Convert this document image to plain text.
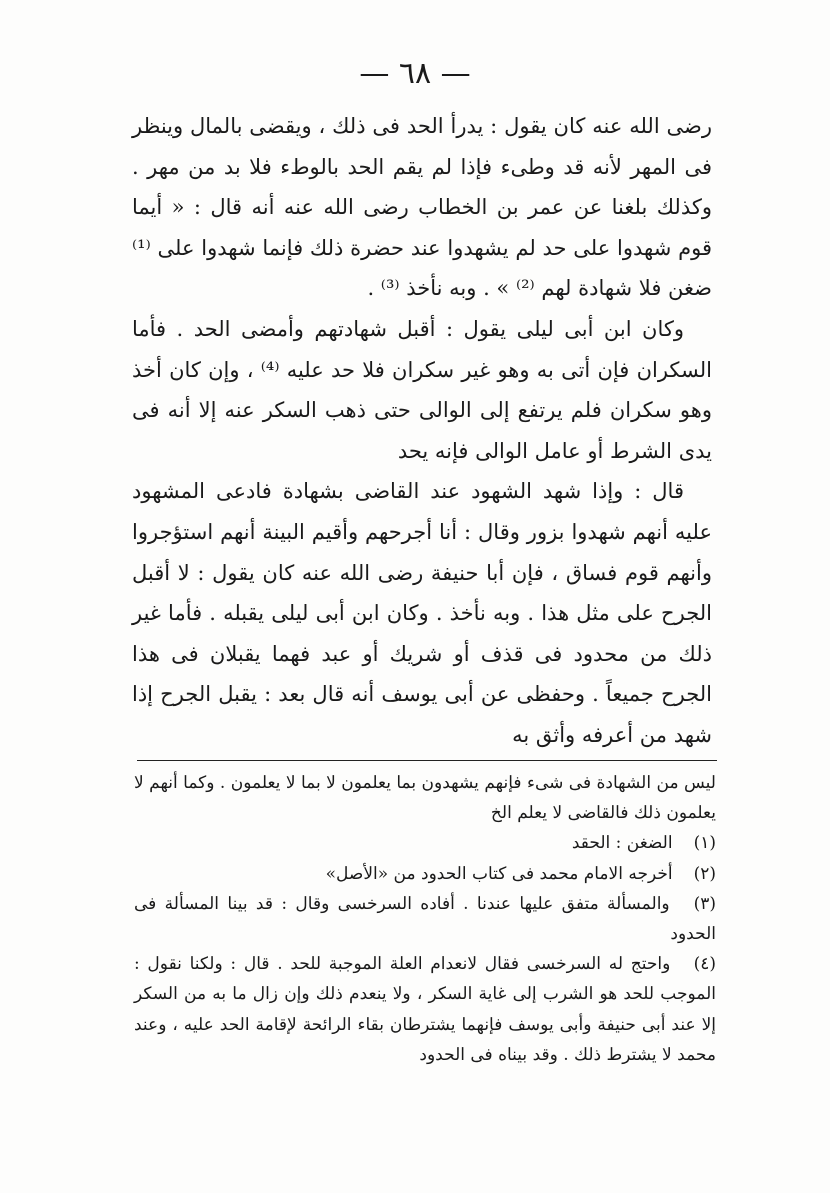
— ٦٨ —

رضى الله عنه كان يقول : يدرأ الحد فى ذلك ، ويقضى بالمال وينظر فى المهر لأنه قد وطىء فإذا لم يقم الحد بالوطء فلا بد من مهر . وكذلك بلغنا عن عمر بن الخطاب رضى الله عنه أنه قال : « أيما قوم شهدوا على حد لم يشهدوا عند حضرة ذلك فإنما شهدوا على ⁽¹⁾ ضغن فلا شهادة لهم ⁽²⁾ » . وبه نأخذ ⁽³⁾ .

وكان ابن أبى ليلى يقول : أقبل شهادتهم وأمضى الحد . فأما السكران فإن أتى به وهو غير سكران فلا حد عليه ⁽⁴⁾ ، وإن كان أخذ وهو سكران فلم يرتفع إلى الوالى حتى ذهب السكر عنه إلا أنه فى يدى الشرط أو عامل الوالى فإنه يحد

قال : وإذا شهد الشهود عند القاضى بشهادة فادعى المشهود عليه أنهم شهدوا بزور وقال : أنا أجرحهم وأقيم البينة أنهم استؤجروا وأنهم قوم فساق ، فإن أبا حنيفة رضى الله عنه كان يقول : لا أقبل الجرح على مثل هذا . وبه نأخذ . وكان ابن أبى ليلى يقبله . فأما غير ذلك من محدود فى قذف أو شريك أو عبد فهما يقبلان فى هذا الجرح جميعاً . وحفظى عن أبى يوسف أنه قال بعد : يقبل الجرح إذا شهد من أعرفه وأثق به

ليس من الشهادة فى شىء فإنهم يشهدون بما يعلمون لا بما لا يعلمون . وكما أنهم لا يعلمون ذلك فالقاضى لا يعلم الخ

(١) الضغن : الحقد

(٢) أخرجه الامام محمد فى كتاب الحدود من «الأصل»

(٣) والمسألة متفق عليها عندنا . أفاده السرخسى وقال : قد بينا المسألة فى الحدود

(٤) واحتج له السرخسى فقال لانعدام العلة الموجبة للحد . قال : ولكنا نقول : الموجب للحد هو الشرب إلى غاية السكر ، ولا ينعدم ذلك وإن زال ما به من السكر إلا عند أبى حنيفة وأبى يوسف فإنهما يشترطان بقاء الرائحة لإقامة الحد عليه ، وعند محمد لا يشترط ذلك . وقد بيناه فى الحدود
